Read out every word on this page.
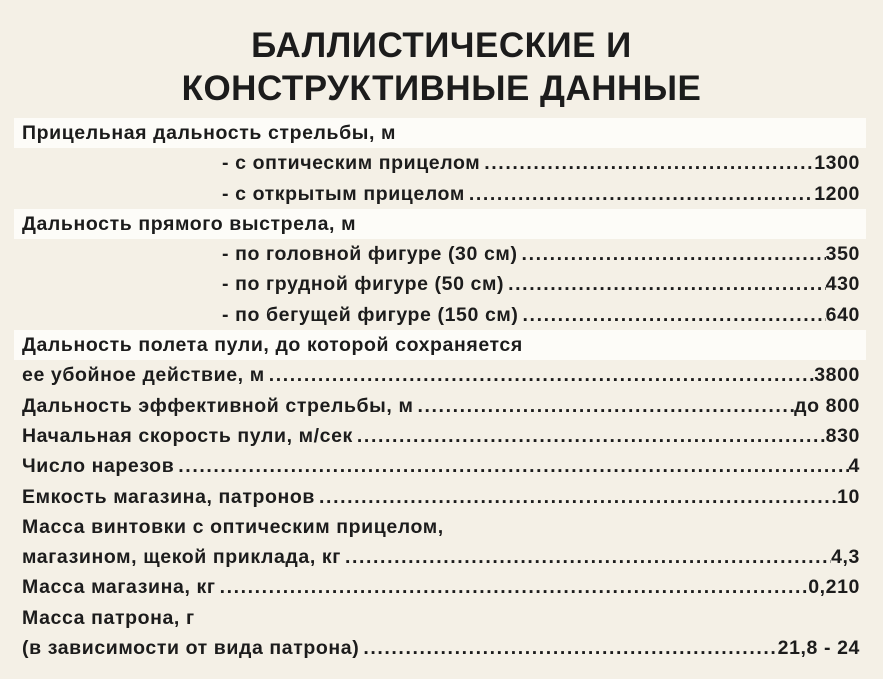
БАЛЛИСТИЧЕСКИЕ И
КОНСТРУКТИВНЫЕ ДАННЫЕ
Прицельная дальность стрельбы, м
- с оптическим прицелом .....	1300
- с открытым прицелом .....	1200
Дальность прямого выстрела, м
- по головной фигуре (30 см) .....	350
- по грудной фигуре (50 см) .....	430
- по бегущей фигуре (150 см) .....	640
Дальность полета пули, до которой сохраняется
ее убойное действие, м .....	3800
Дальность эффективной стрельбы, м .....	до 800
Начальная скорость пули, м/сек .....	830
Число нарезов .....	4
Емкость магазина, патронов .....	10
Масса винтовки с оптическим прицелом,
магазином, щекой приклада, кг .....	4,3
Масса магазина, кг .....	0,210
Масса патрона, г
(в зависимости от вида патрона) .....	21,8 - 24
